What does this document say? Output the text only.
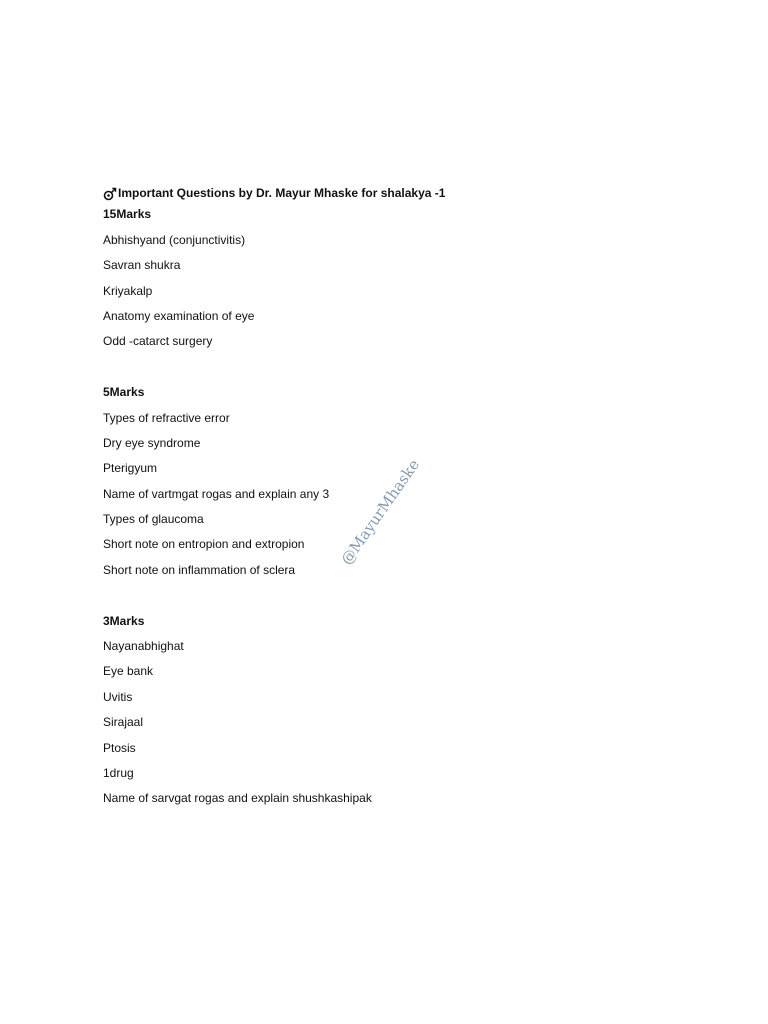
Important Questions by Dr. Mayur Mhaske for shalakya -1
15Marks
Abhishyand (conjunctivitis)
Savran shukra
Kriyakalp
Anatomy examination of eye
Odd -catarct surgery
5Marks
Types of refractive error
Dry eye syndrome
Pterigyum
Name of vartmgat rogas and explain any 3
Types of glaucoma
Short note on entropion and extropion
Short note on inflammation of sclera
3Marks
Nayanabhighat
Eye bank
Uvitis
Sirajaal
Ptosis
1drug
Name of sarvgat rogas and explain shushkashipak
@MayurMhaske
